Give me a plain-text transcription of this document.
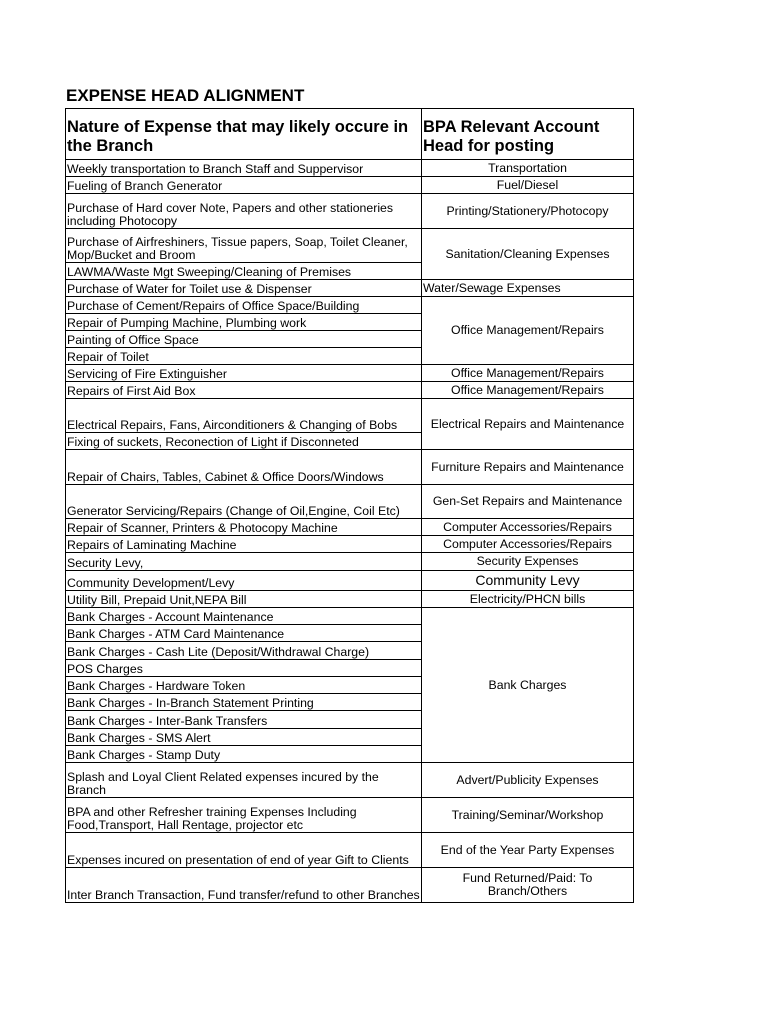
EXPENSE HEAD ALIGNMENT
Nature of Expense that may likely occure in the Branch	BPA Relevant Account Head for posting
Weekly transportation to Branch Staff and Suppervisor	Transportation
Fueling of Branch Generator	Fuel/Diesel
Purchase of Hard cover Note, Papers and other stationeries including Photocopy	Printing/Stationery/Photocopy
Purchase of Airfreshiners, Tissue papers, Soap, Toilet Cleaner, Mop/Bucket and Broom	Sanitation/Cleaning Expenses
LAWMA/Waste Mgt Sweeping/Cleaning of Premises	
Purchase of Water for Toilet use & Dispenser	Water/Sewage Expenses
Purchase of Cement/Repairs of Office Space/Building	Office Management/Repairs
Repair of Pumping Machine, Plumbing work	
Painting of Office Space	
Repair of Toilet	
Servicing of Fire Extinguisher	Office Management/Repairs
Repairs of First Aid Box	Office Management/Repairs
Electrical Repairs, Fans, Airconditioners & Changing of Bobs	Electrical Repairs and Maintenance
Fixing of suckets, Reconection of Light if Disconneted	
Repair of Chairs, Tables, Cabinet & Office Doors/Windows	Furniture Repairs and Maintenance
Generator Servicing/Repairs (Change of Oil,Engine, Coil Etc)	Gen-Set Repairs and Maintenance
Repair of Scanner, Printers & Photocopy Machine	Computer Accessories/Repairs
Repairs of Laminating Machine	Computer Accessories/Repairs
Security Levy,	Security Expenses
Community Development/Levy	Community Levy
Utility Bill, Prepaid Unit,NEPA Bill	Electricity/PHCN bills
Bank Charges - Account Maintenance	Bank Charges
Bank Charges - ATM Card Maintenance	
Bank Charges - Cash Lite (Deposit/Withdrawal Charge)	
POS Charges	
Bank Charges - Hardware Token	
Bank Charges - In-Branch Statement Printing	
Bank Charges - Inter-Bank Transfers	
Bank Charges - SMS Alert	
Bank Charges - Stamp Duty	
Splash and Loyal Client Related expenses incured by the Branch	Advert/Publicity Expenses
BPA and other Refresher training Expenses Including Food,Transport, Hall Rentage, projector etc	Training/Seminar/Workshop
Expenses incured on presentation of end of year Gift to Clients	End of the Year Party Expenses
Inter Branch Transaction, Fund transfer/refund to other Branches	Fund Returned/Paid: To Branch/Others
